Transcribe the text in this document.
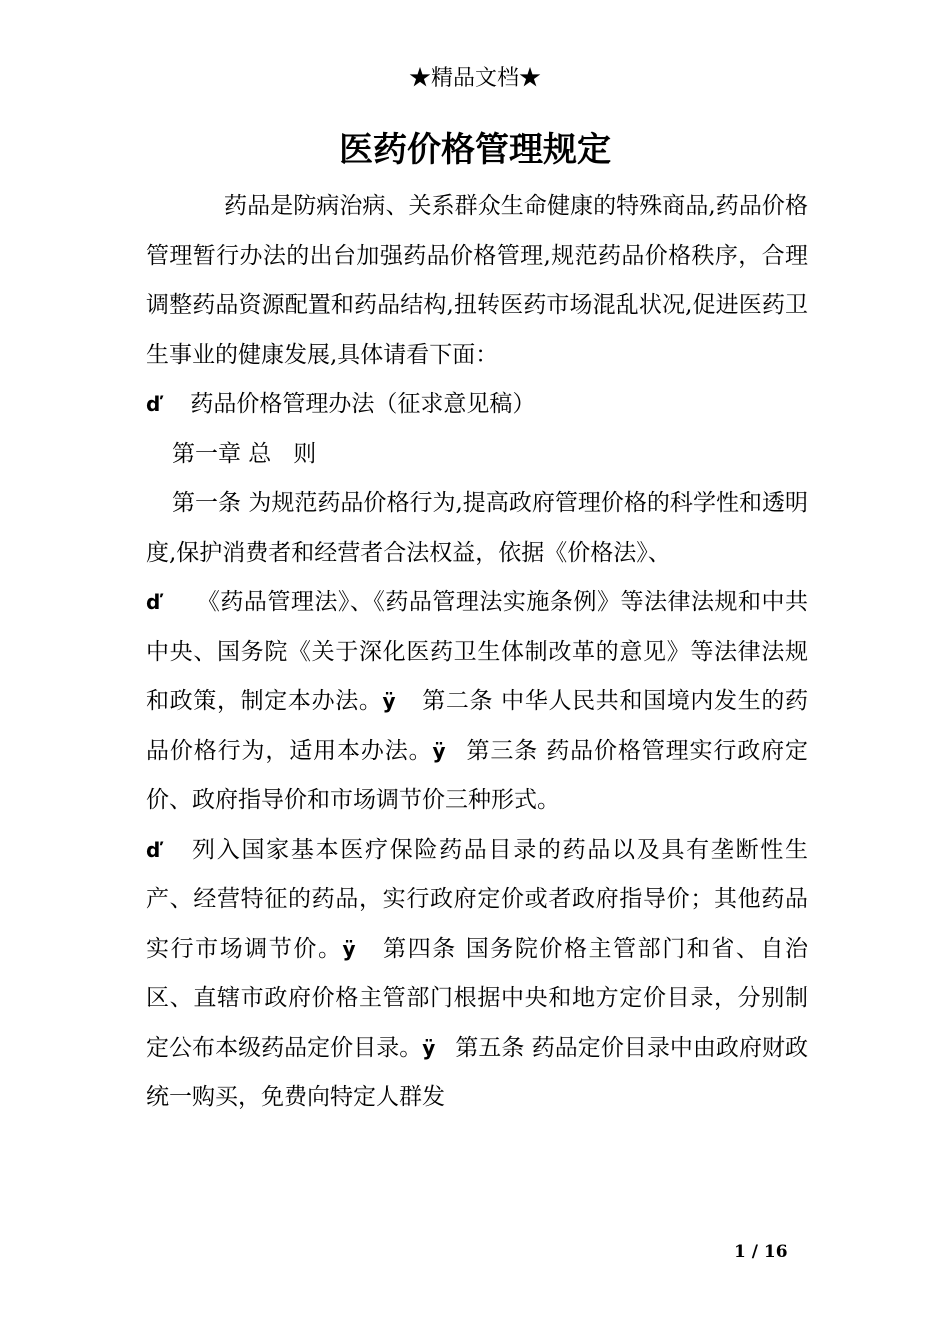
★精品文档★
医药价格管理规定

药品是防病治病、关系群众生命健康的特殊商品,药品价格管理暂行办法的出台加强药品价格管理,规范药品价格秩序，合理调整药品资源配置和药品结构,扭转医药市场混乱状况,促进医药卫生事业的健康发展,具体请看下面：

ď 药品价格管理办法（征求意见稿）

第一章 总   则

第一条 为规范药品价格行为,提高政府管理价格的科学性和透明度,保护消费者和经营者合法权益，依据《价格法》、

ď 《药品管理法》、《药品管理法实施条例》等法律法规和中共中央、国务院《关于深化医药卫生体制改革的意见》等法律法规和政策，制定本办法。ÿ 第二条 中华人民共和国境内发生的药品价格行为，适用本办法。ÿ 第三条 药品价格管理实行政府定价、政府指导价和市场调节价三种形式。

ď 列入国家基本医疗保险药品目录的药品以及具有垄断性生产、经营特征的药品，实行政府定价或者政府指导价；其他药品实行市场调节价。ÿ 第四条 国务院价格主管部门和省、自治区、直辖市政府价格主管部门根据中央和地方定价目录，分别制定公布本级药品定价目录。ÿ 第五条 药品定价目录中由政府财政统一购买，免费向特定人群发

1 / 16
